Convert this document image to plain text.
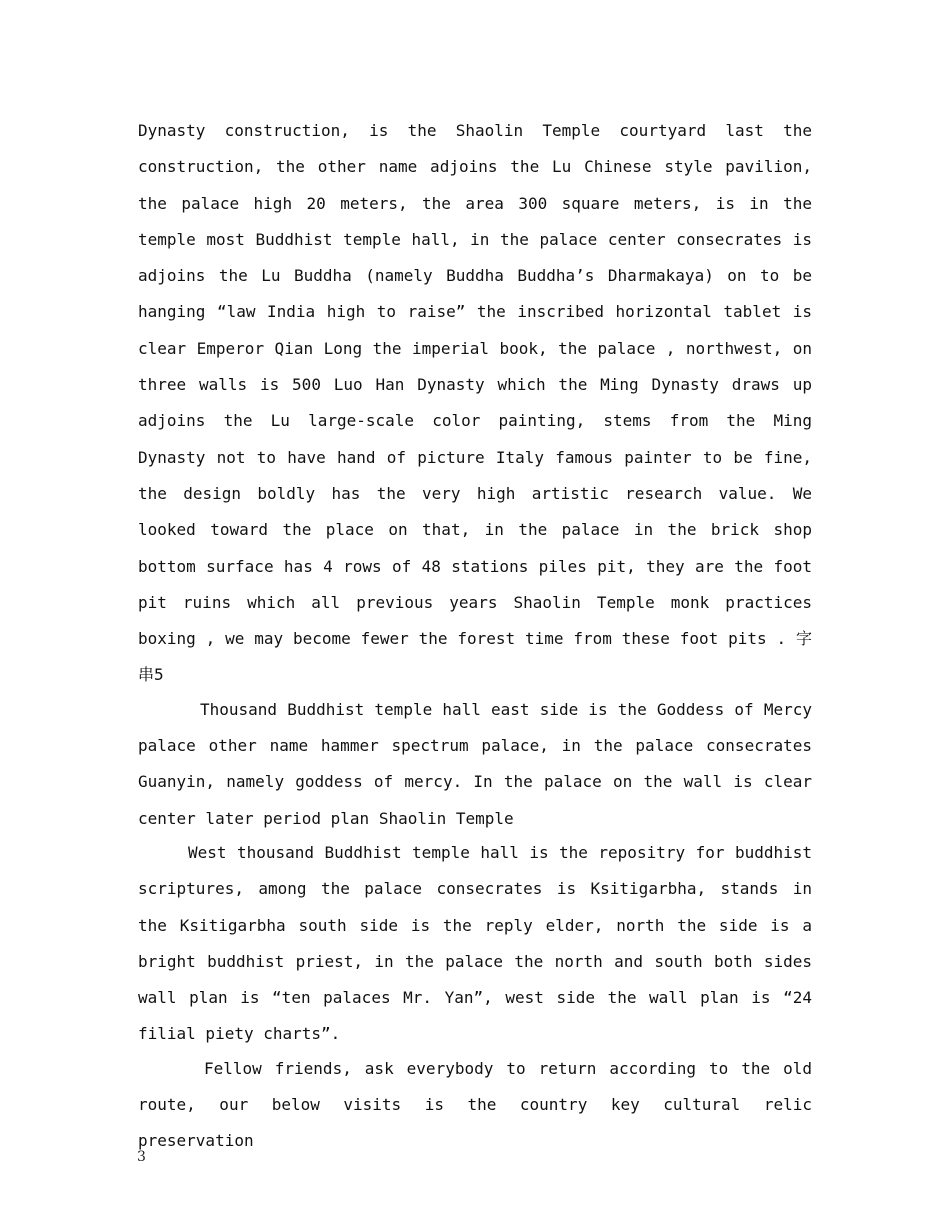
Dynasty construction, is the Shaolin Temple courtyard last the construction, the other name adjoins the Lu Chinese style pavilion, the palace high 20 meters, the area 300 square meters, is in the temple most Buddhist temple hall, in the palace center consecrates is adjoins the Lu Buddha (namely Buddha Buddha’s Dharmakaya) on to be hanging “law India high to raise” the inscribed horizontal tablet is clear Emperor Qian Long the imperial book, the palace , northwest, on three walls is 500 Luo Han Dynasty which the Ming Dynasty draws up adjoins the Lu large-scale color painting, stems from the Ming Dynasty not to have hand of picture Italy famous painter to be fine, the design boldly has the very high artistic research value. We looked toward the place on that, in the palace in the brick shop bottom surface has 4 rows of 48 stations piles pit, they are the foot pit ruins which all previous years Shaolin Temple monk practices boxing , we may become fewer the forest time from these foot pits . 字串5

Thousand Buddhist temple hall east side is the Goddess of Mercy palace other name hammer spectrum palace, in the palace consecrates Guanyin, namely goddess of mercy. In the palace on the wall is clear center later period plan Shaolin Temple

West thousand Buddhist temple hall is the repositry for buddhist scriptures, among the palace consecrates is Ksitigarbha, stands in the Ksitigarbha south side is the reply elder, north the side is a bright buddhist priest, in the palace the north and south both sides wall plan is “ten palaces Mr. Yan”, west side the wall plan is “24 filial piety charts”.

Fellow friends, ask everybody to return according to the old route, our below visits is the country key cultural relic preservation

3
